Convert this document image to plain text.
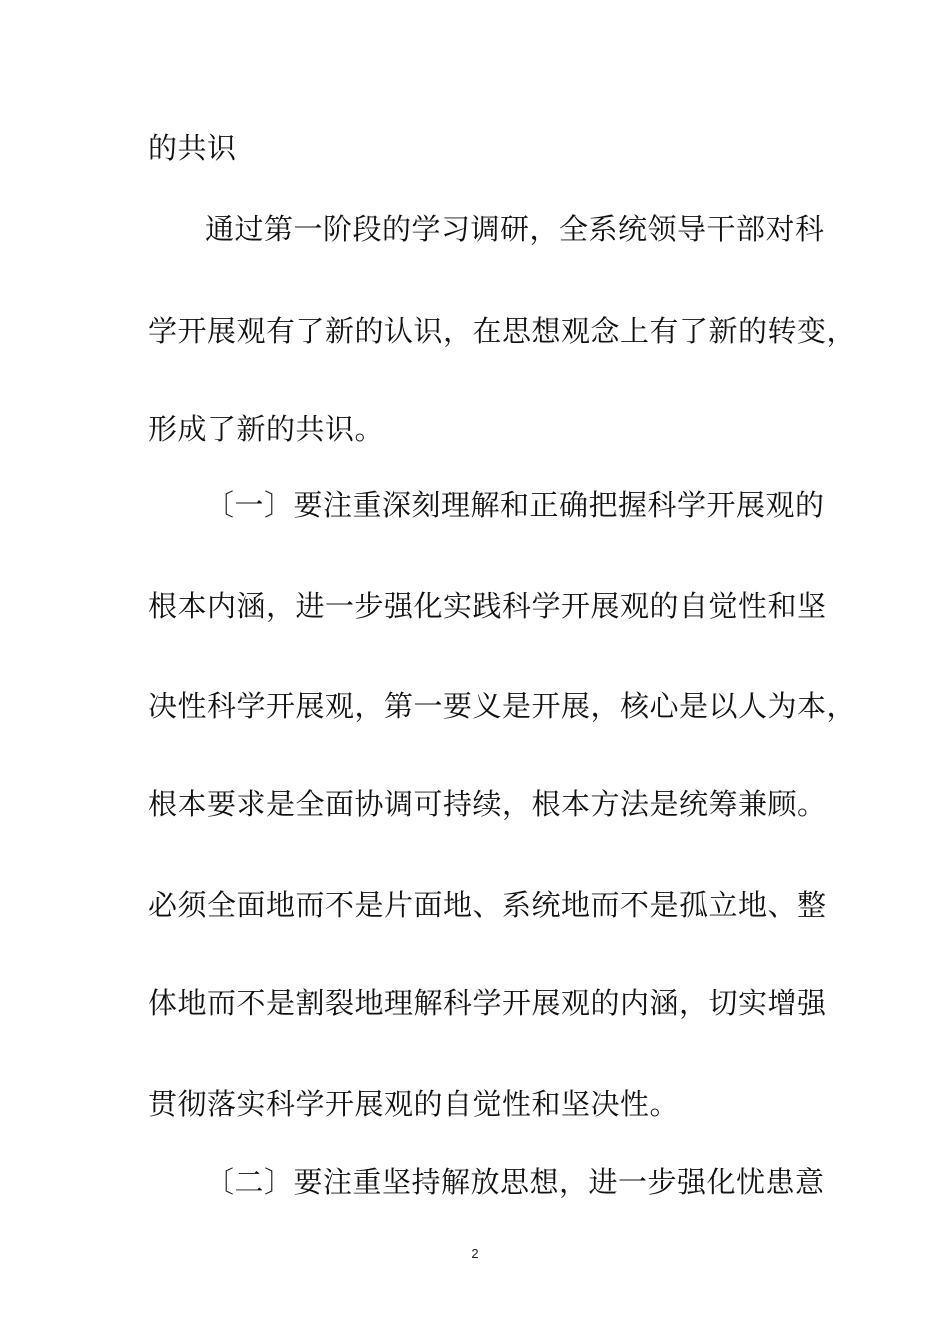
的共识
通过第一阶段的学习调研，全系统领导干部对科
学开展观有了新的认识，在思想观念上有了新的转变，
形成了新的共识。
〔一〕要注重深刻理解和正确把握科学开展观的
根本内涵，进一步强化实践科学开展观的自觉性和坚
决性科学开展观，第一要义是开展，核心是以人为本，
根本要求是全面协调可持续，根本方法是统筹兼顾。
必须全面地而不是片面地、系统地而不是孤立地、整
体地而不是割裂地理解科学开展观的内涵，切实增强
贯彻落实科学开展观的自觉性和坚决性。
〔二〕要注重坚持解放思想，进一步强化忧患意
2
